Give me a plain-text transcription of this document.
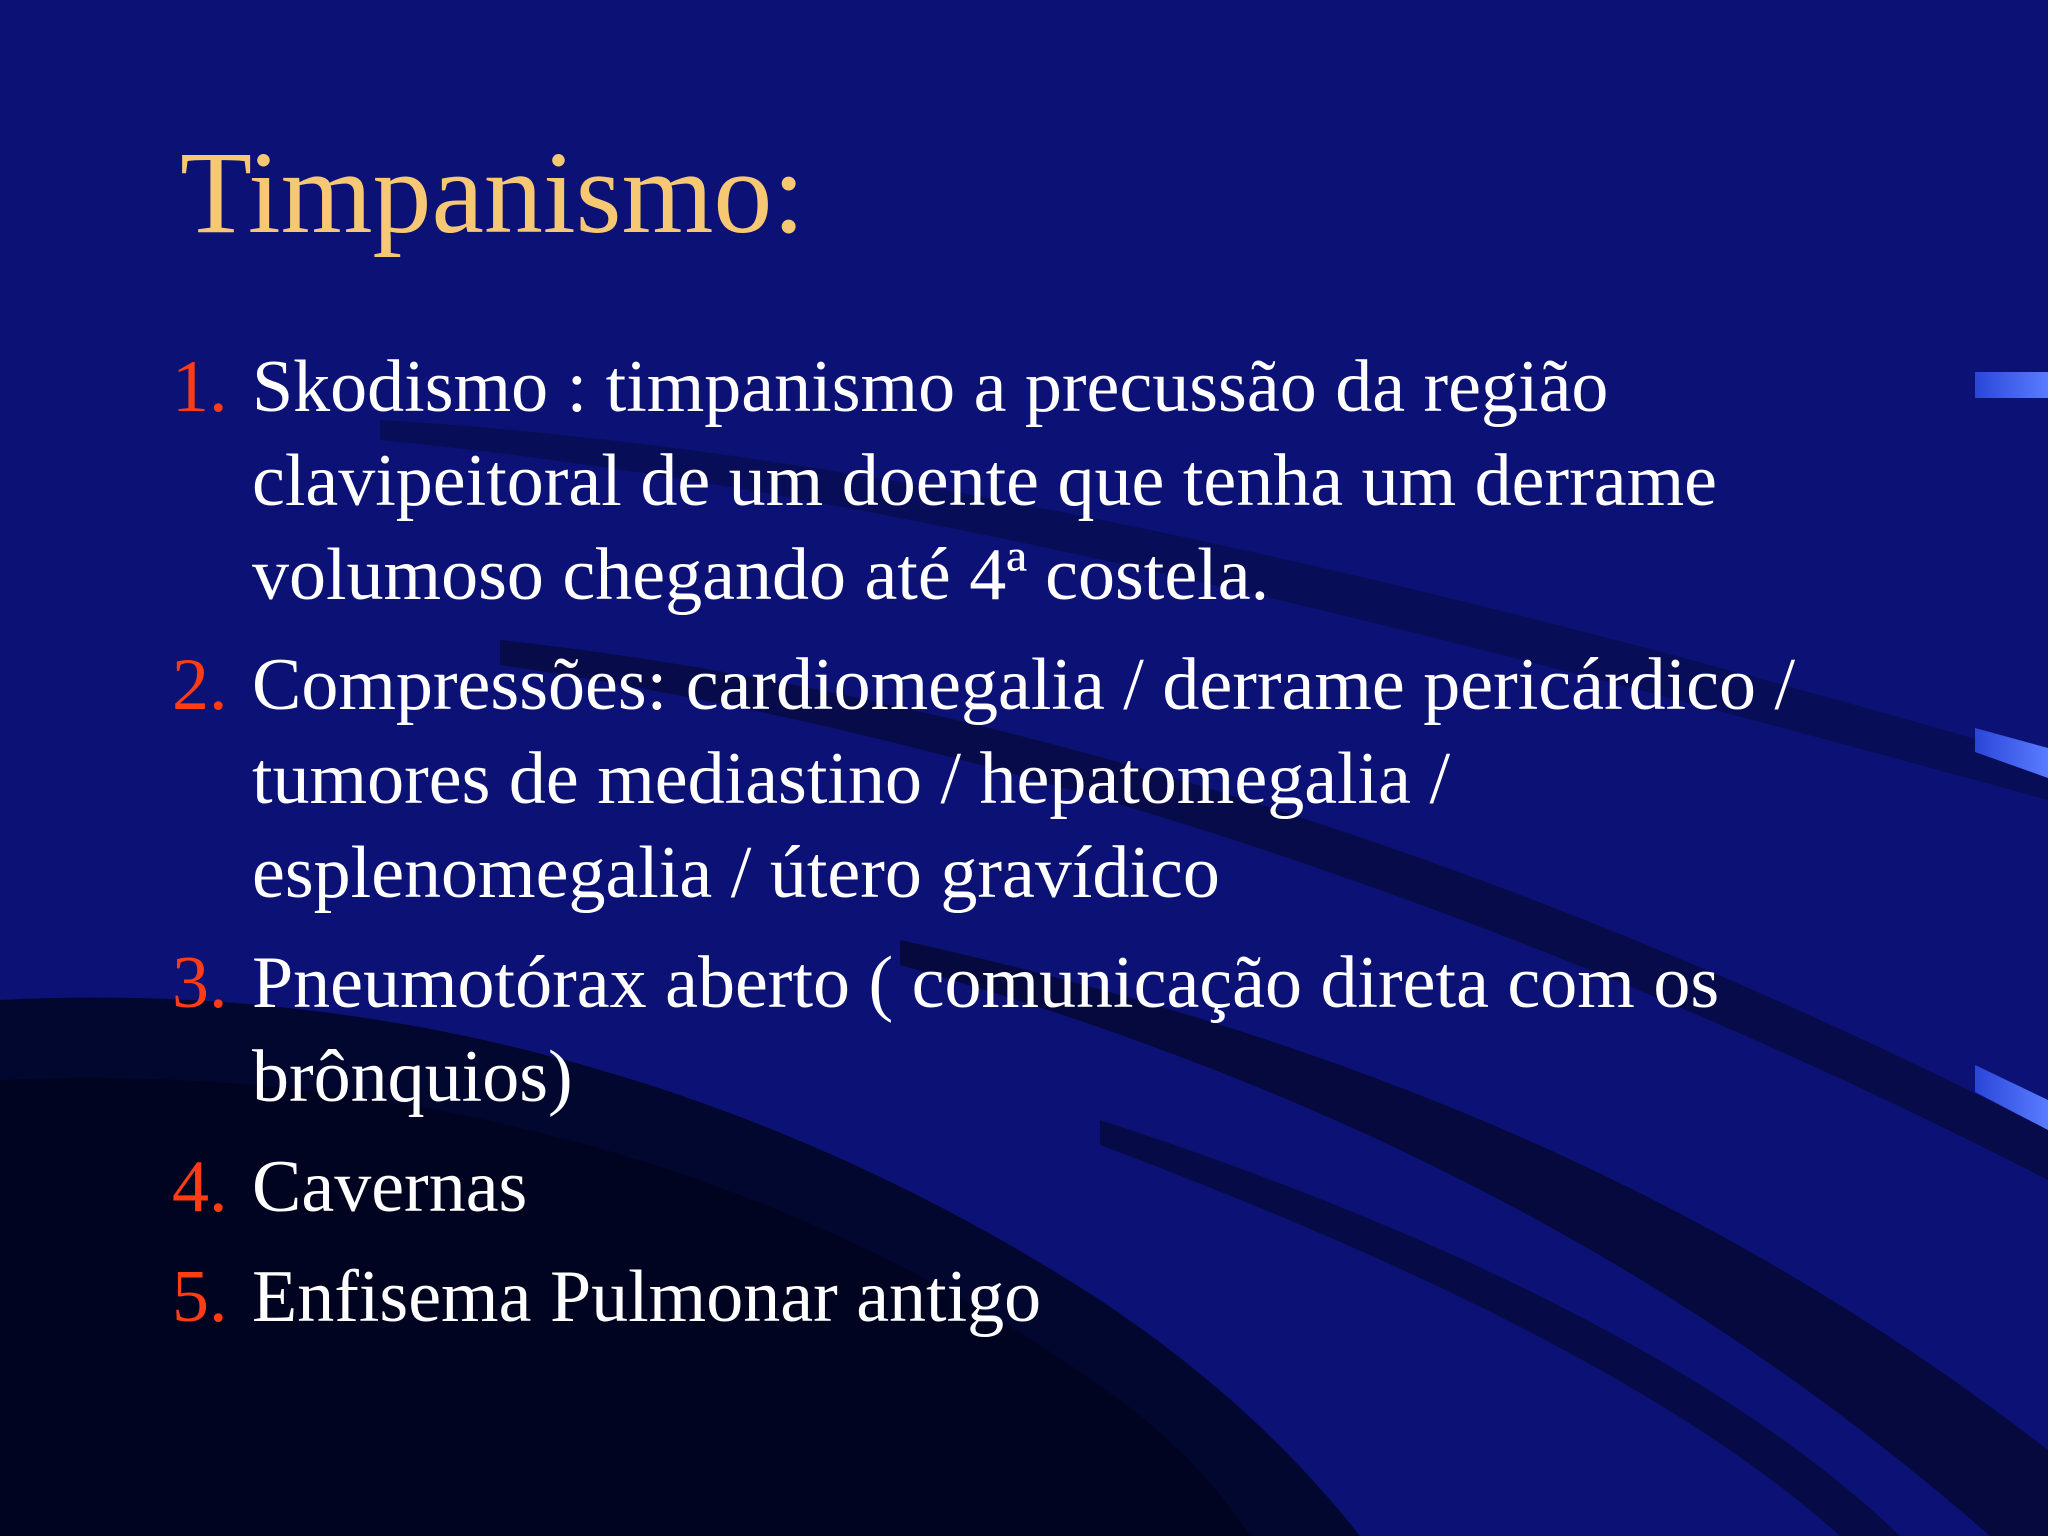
Timpanismo:
1. Skodismo : timpanismo a precussão da região clavipeitoral de um doente que tenha um derrame volumoso chegando até 4ª costela.
2. Compressões: cardiomegalia / derrame pericárdico / tumores de mediastino / hepatomegalia / esplenomegalia / útero gravídico
3. Pneumotórax aberto ( comunicação direta com os brônquios)
4. Cavernas
5. Enfisema Pulmonar antigo
